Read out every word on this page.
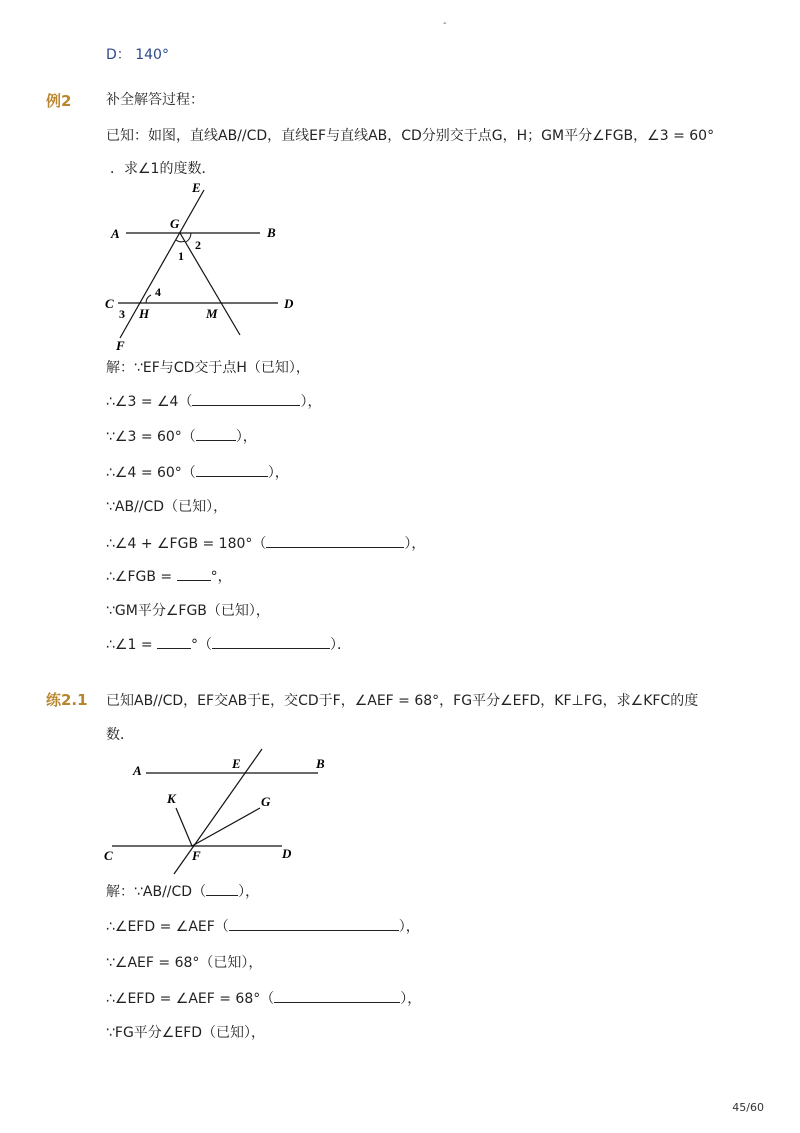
-
D： 140°
例2 补全解答过程：
已知：如图，直线AB//CD，直线EF与直线AB，CD分别交于点G，H；GM平分∠FGB，∠3 = 60°
．求∠1的度数．
E
A
G
B
2
1
C
4
D
3 H	M
F
解：∵EF与CD交于点H（已知），
∴∠3 = ∠4（	），
∵∠3 = 60°（	），
∴∠4 = 60°（	），
∵AB//CD（已知），
∴∠4 + ∠FGB = 180°（	），
∴∠FGB =	°，
∵GM平分∠FGB（已知），
∴∠1 =	°（	）．
练2.1 已知AB//CD，EF交AB于E，交CD于F，∠AEF = 68°，FG平分∠EFD，KF⊥FG，求∠KFC的度
数．
A	E	B
K	G
C	F	D
解：∵AB//CD（ ），
∴∠EFD = ∠AEF（	），
∵∠AEF = 68°（已知），
∴∠EFD = ∠AEF = 68°（	），
∵FG平分∠EFD（已知），
45/60
